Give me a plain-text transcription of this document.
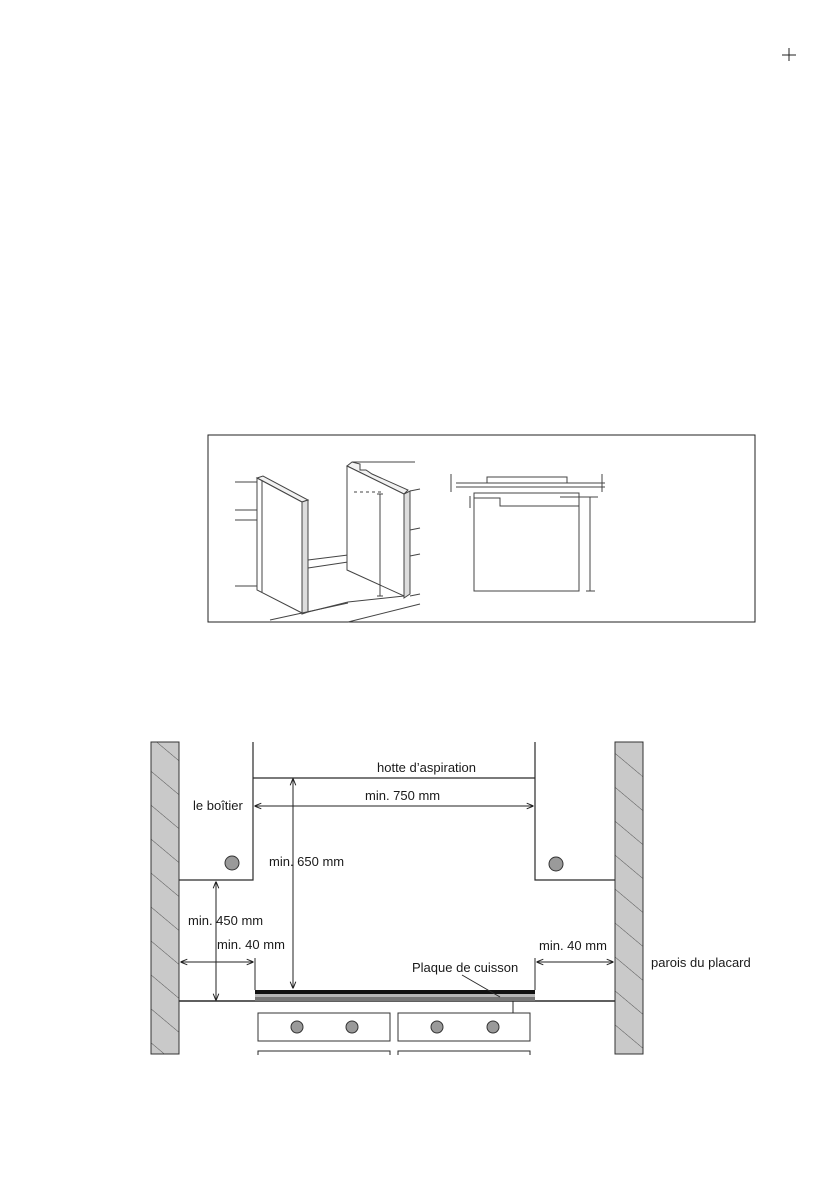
hotte d’aspiration
le boîtier
min. 750 mm
min. 650 mm
min. 450 mm
min. 40 mm	min. 40 mm
Plaque de cuisson	parois du placard
